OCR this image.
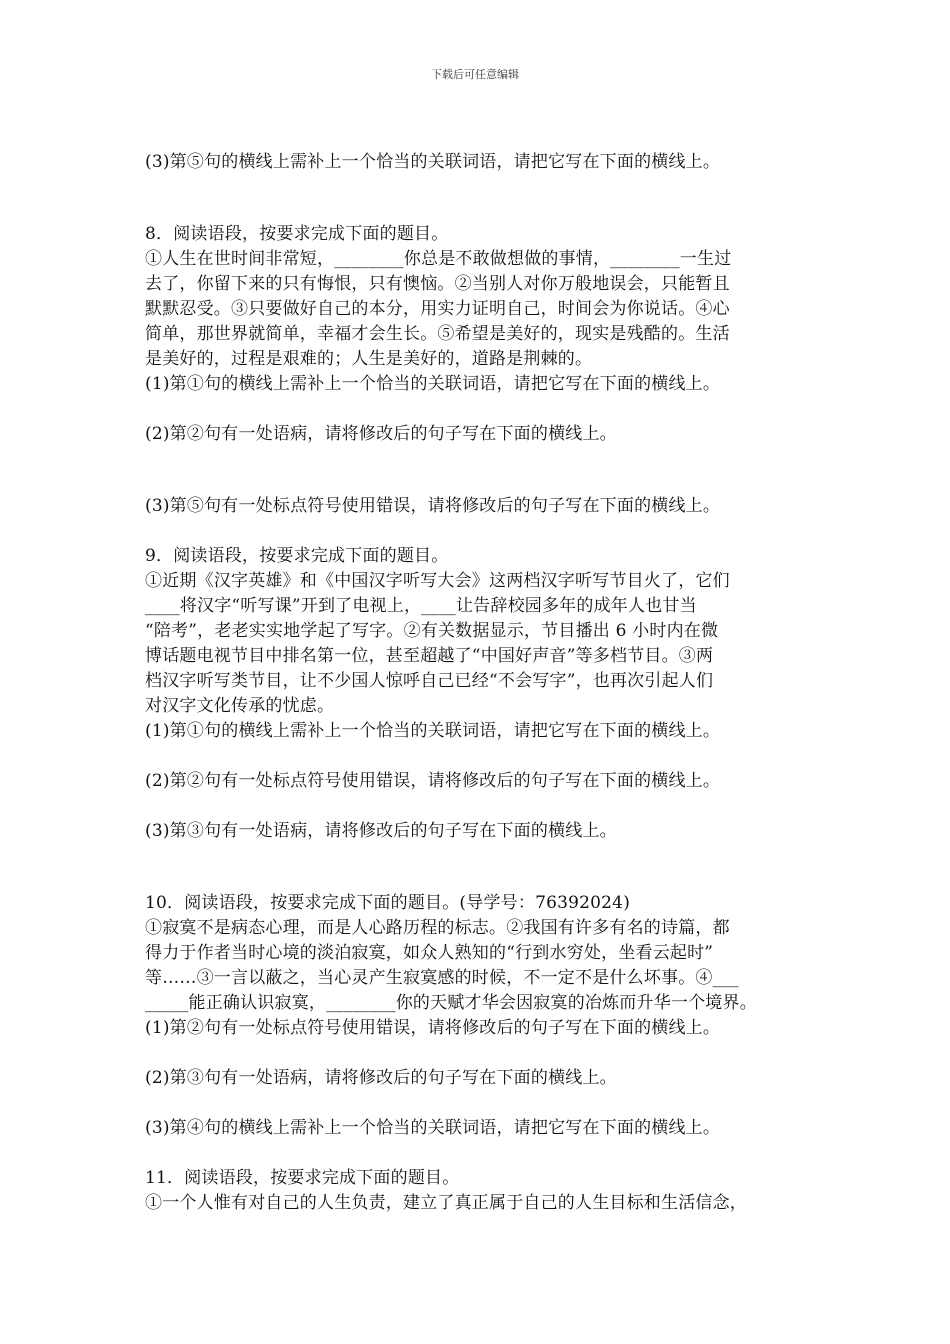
下载后可任意编辑
(3)第⑤句的横线上需补上一个恰当的关联词语，请把它写在下面的横线上。
8．阅读语段，按要求完成下面的题目。
①人生在世时间非常短，________你总是不敢做想做的事情，________一生过
去了，你留下来的只有悔恨，只有懊恼。②当别人对你万般地误会，只能暂且
默默忍受。③只要做好自己的本分，用实力证明自己，时间会为你说话。④心
简单，那世界就简单，幸福才会生长。⑤希望是美好的，现实是残酷的。生活
是美好的，过程是艰难的；人生是美好的，道路是荆棘的。
(1)第①句的横线上需补上一个恰当的关联词语，请把它写在下面的横线上。
(2)第②句有一处语病，请将修改后的句子写在下面的横线上。
(3)第⑤句有一处标点符号使用错误，请将修改后的句子写在下面的横线上。
9．阅读语段，按要求完成下面的题目。
①近期《汉字英雄》和《中国汉字听写大会》这两档汉字听写节目火了，它们
____将汉字“听写课”开到了电视上，____让告辞校园多年的成年人也甘当
“陪考”，老老实实地学起了写字。②有关数据显示，节目播出 6 小时内在微
博话题电视节目中排名第一位，甚至超越了“中国好声音”等多档节目。③两
档汉字听写类节目，让不少国人惊呼自己已经“不会写字”，也再次引起人们
对汉字文化传承的忧虑。
(1)第①句的横线上需补上一个恰当的关联词语，请把它写在下面的横线上。
(2)第②句有一处标点符号使用错误，请将修改后的句子写在下面的横线上。
(3)第③句有一处语病，请将修改后的句子写在下面的横线上。
10．阅读语段，按要求完成下面的题目。(导学号：76392024)
①寂寞不是病态心理，而是人心路历程的标志。②我国有许多有名的诗篇，都
得力于作者当时心境的淡泊寂寞，如众人熟知的“行到水穷处，坐看云起时”
等……③一言以蔽之，当心灵产生寂寞感的时候，不一定不是什么坏事。④___
_____能正确认识寂寞，________你的天赋才华会因寂寞的冶炼而升华一个境界。
(1)第②句有一处标点符号使用错误，请将修改后的句子写在下面的横线上。
(2)第③句有一处语病，请将修改后的句子写在下面的横线上。
(3)第④句的横线上需补上一个恰当的关联词语，请把它写在下面的横线上。
11．阅读语段，按要求完成下面的题目。
①一个人惟有对自己的人生负责，建立了真正属于自己的人生目标和生活信念，
